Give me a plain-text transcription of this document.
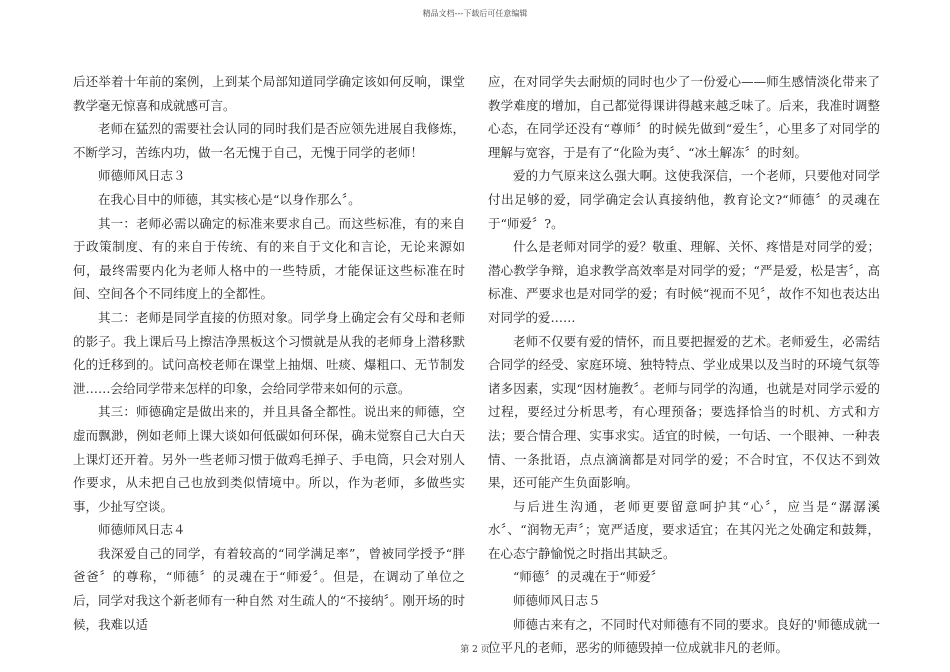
精品文档---下载后可任意编辑

后还举着十年前的案例，上到某个局部知道同学确定该如何反响，课堂教学毫无惊喜和成就感可言。

老师在猛烈的需要社会认同的同时我们是否应领先进展自我修炼，不断学习，苦练内功，做一名无愧于自己，无愧于同学的老师！

师德师风日志３

在我心目中的师德，其实核心是“以身作那么〞。

其一：老师必需以确定的标准来要求自己。而这些标准，有的来自于政策制度、有的来自于传统、有的来自于文化和言论，无论来源如何，最终需要内化为老师人格中的一些特质，才能保证这些标准在时间、空间各个不同纬度上的全都性。

其二：老师是同学直接的仿照对象。同学身上确定会有父母和老师的影子。我上课后马上擦洁净黑板这个习惯就是从我的老师身上潜移默化的迁移到的。试问高校老师在课堂上抽烟、吐痰、爆粗口、无节制发泄……会给同学带来怎样的印象，会给同学带来如何的示意。

其三：师德确定是做出来的，并且具备全都性。说出来的师德，空虚而飘渺，例如老师上课大谈如何低碳如何环保，确未觉察自己大白天上课灯还开着。另外一些老师习惯于做鸡毛掸子、手电筒，只会对别人作要求，从未把自己也放到类似情境中。所以，作为老师，多做些实事，少扯写空谈。

师德师风日志４

我深爱自己的同学，有着较高的“同学满足率”，曾被同学授予“胖爸爸〞的尊称，“师德〞的灵魂在于“师爱〞。但是，在调动了单位之后，同学对我这个新老师有一种自然 对生疏人的“不接纳〞。刚开场的时候，我难以适

应，在对同学失去耐烦的同时也少了一份爱心——师生感情淡化带来了教学难度的增加，自己都觉得课讲得越来越乏味了。后来，我准时调整心态，在同学还没有“尊师〞的时候先做到“爱生〞，心里多了对同学的理解与宽容，于是有了“化险为夷〞、“冰土解冻〞的时刻。

爱的力气原来这么强大啊。这使我深信，一个老师，只要他对同学付出足够的爱，同学确定会认真接纳他，教育论文?“师德〞的灵魂在于“师爱〞?。

什么是老师对同学的爱？敬重、理解、关怀、疼惜是对同学的爱；潜心教学争辩，追求教学高效率是对同学的爱；“严是爱，松是害〞，高标准、严要求也是对同学的爱；有时候“视而不见〞，故作不知也表达出对同学的爱……

老师不仅要有爱的情怀，而且要把握爱的艺术。老师爱生，必需结合同学的经受、家庭环境、独特特点、学业成果以及当时的环境气氛等诸多因素，实现“因材施教〞。老师与同学的沟通，也就是对同学示爱的过程，要经过分析思考，有心理预备；要选择恰当的时机、方式和方法；要合情合理、实事求实。适宜的时候，一句话、一个眼神、一种表情、一条批语，点点滴滴都是对同学的爱；不合时宜，不仅达不到效果，还可能产生负面影响。

与后进生沟通，老师更要留意呵护其“心〞，应当是“潺潺溪水〞、“润物无声〞；宽严适度，要求适宜；在其闪光之处确定和鼓舞，在心态宁静愉悦之时指出其缺乏。

“师德〞的灵魂在于“师爱〞

师德师风日志５

师德古来有之，不同时代对师德有不同的要求。良好的'师德成就一位平凡的老师，恶劣的师德毁掉一位成就非凡的老师。

第 2 页
